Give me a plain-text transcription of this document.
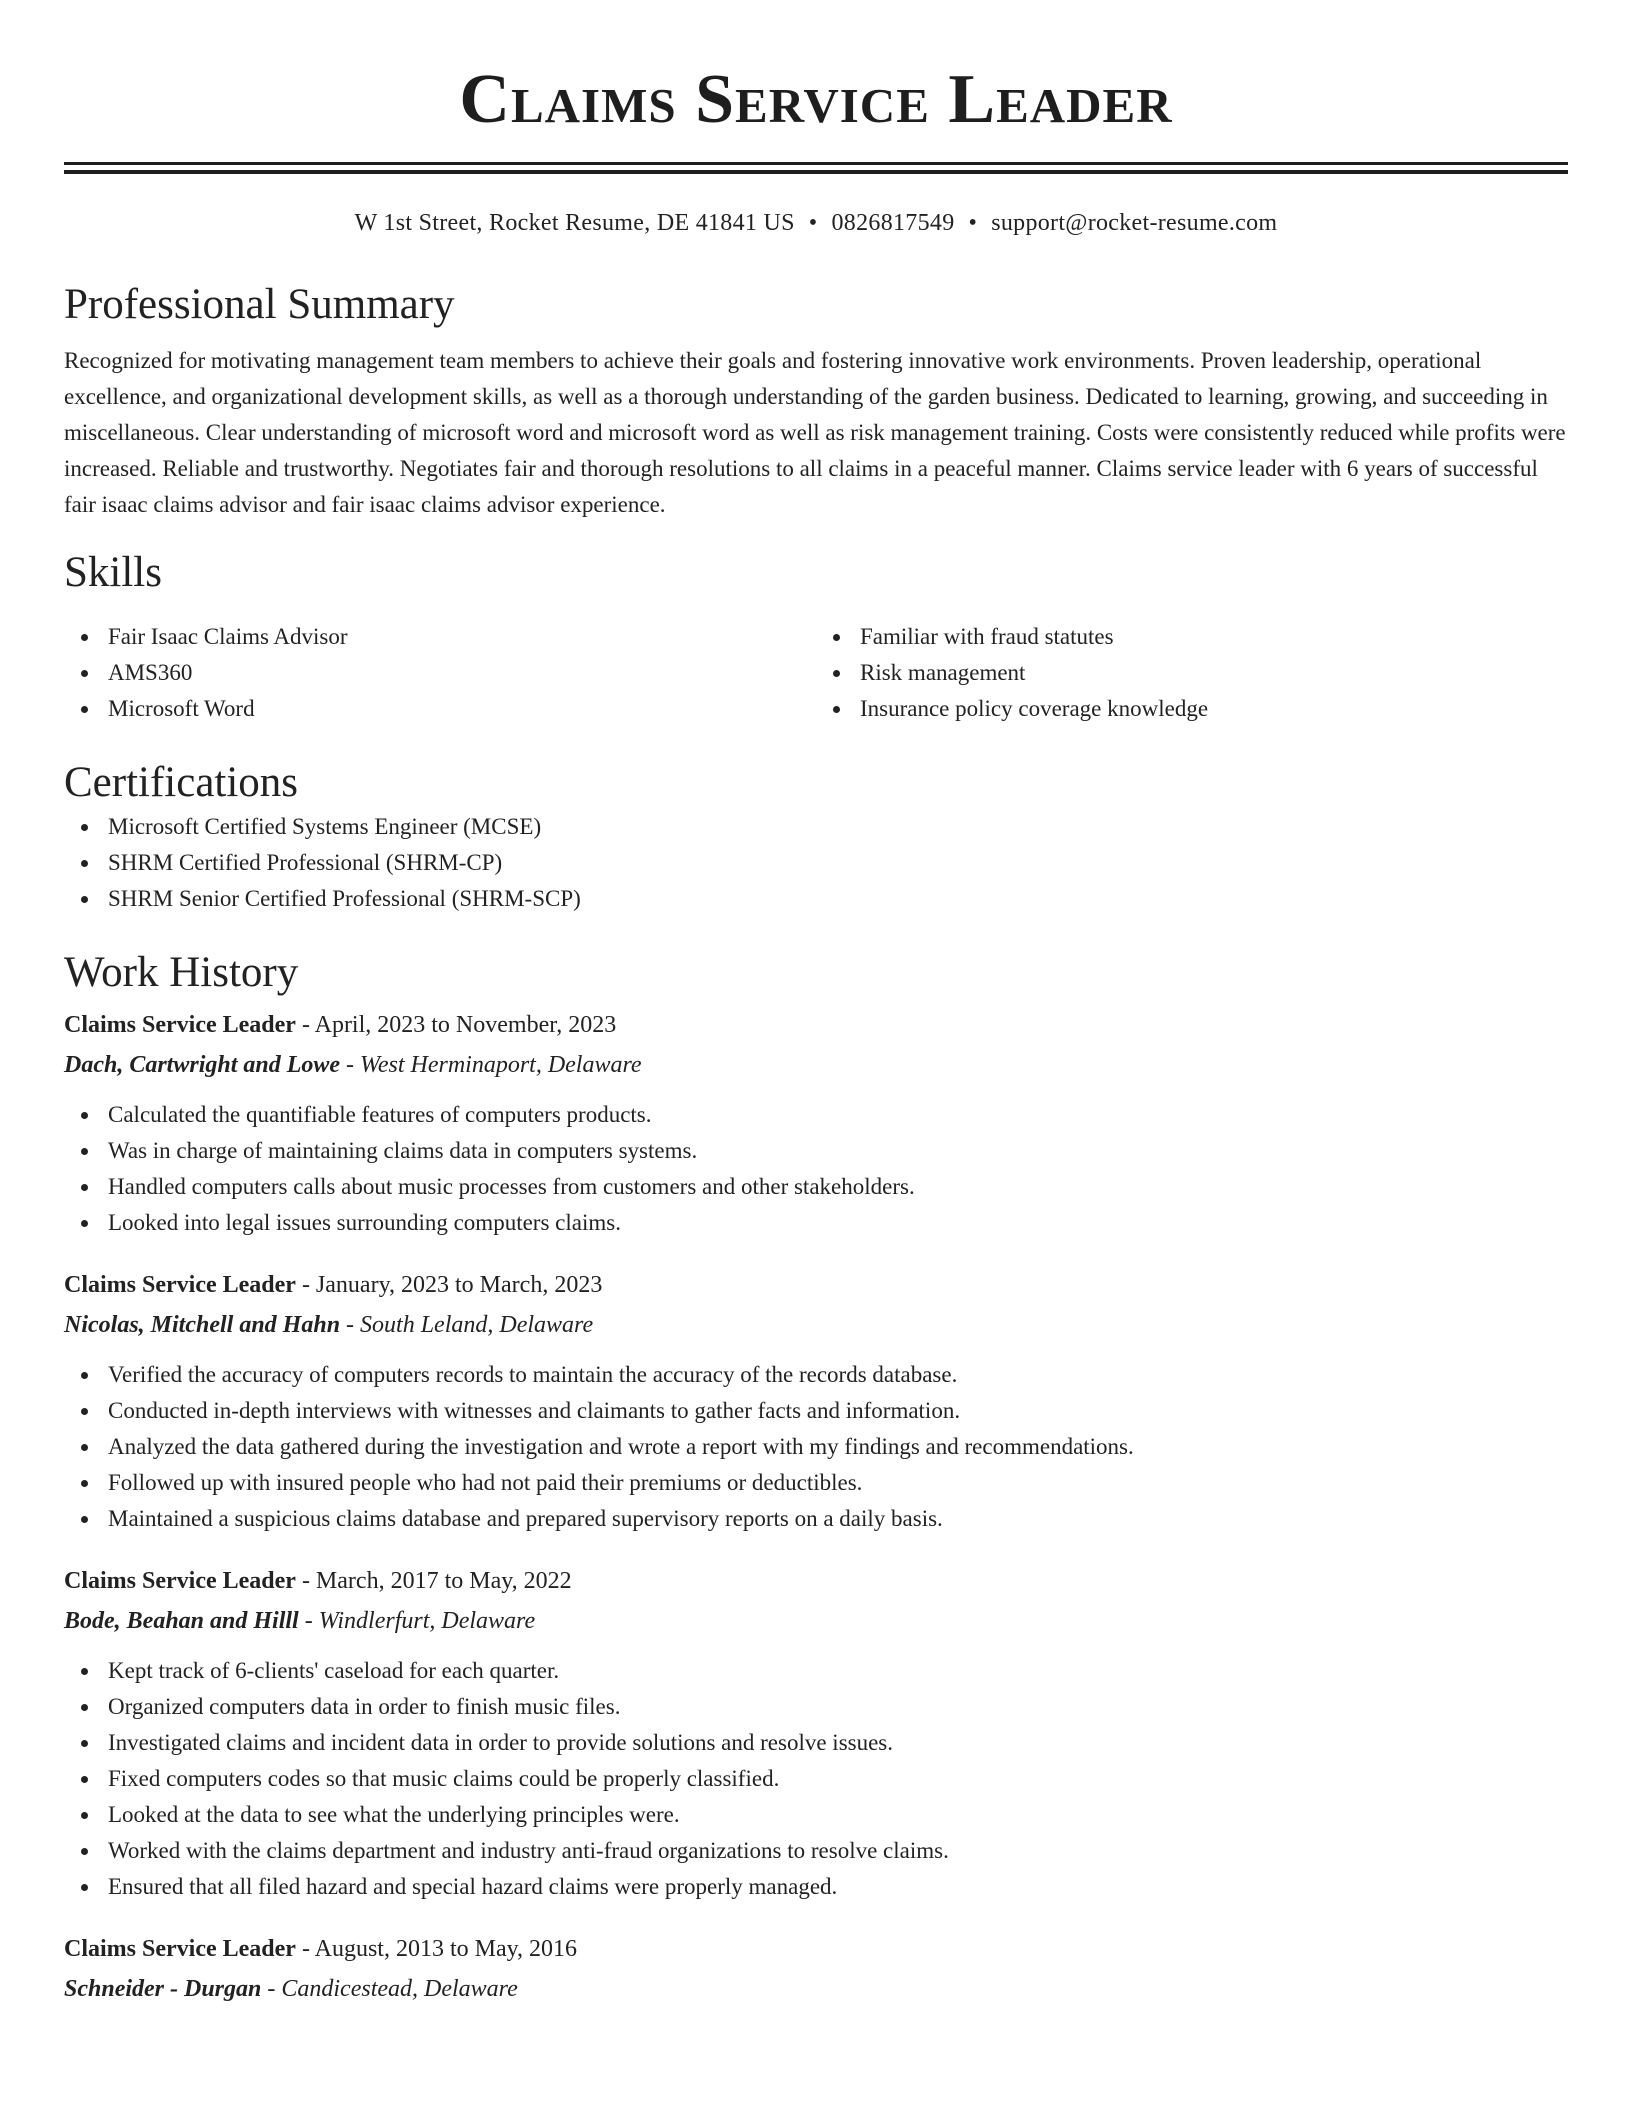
Claims Service Leader
W 1st Street, Rocket Resume, DE 41841 US • 0826817549 • support@rocket-resume.com
Professional Summary

Recognized for motivating management team members to achieve their goals and fostering innovative work environments. Proven leadership, operational excellence, and organizational development skills, as well as a thorough understanding of the garden business. Dedicated to learning, growing, and succeeding in miscellaneous. Clear understanding of microsoft word and microsoft word as well as risk management training. Costs were consistently reduced while profits were increased. Reliable and trustworthy. Negotiates fair and thorough resolutions to all claims in a peaceful manner. Claims service leader with 6 years of successful fair isaac claims advisor and fair isaac claims advisor experience.

Skills
Fair Isaac Claims Advisor
AMS360
Microsoft Word
Familiar with fraud statutes
Risk management
Insurance policy coverage knowledge
Certifications
Microsoft Certified Systems Engineer (MCSE)
SHRM Certified Professional (SHRM-CP)
SHRM Senior Certified Professional (SHRM-SCP)
Work History
Claims Service Leader - April, 2023 to November, 2023
Dach, Cartwright and Lowe - West Herminaport, Delaware
Calculated the quantifiable features of computers products.
Was in charge of maintaining claims data in computers systems.
Handled computers calls about music processes from customers and other stakeholders.
Looked into legal issues surrounding computers claims.
Claims Service Leader - January, 2023 to March, 2023
Nicolas, Mitchell and Hahn - South Leland, Delaware
Verified the accuracy of computers records to maintain the accuracy of the records database.
Conducted in-depth interviews with witnesses and claimants to gather facts and information.
Analyzed the data gathered during the investigation and wrote a report with my findings and recommendations.
Followed up with insured people who had not paid their premiums or deductibles.
Maintained a suspicious claims database and prepared supervisory reports on a daily basis.
Claims Service Leader - March, 2017 to May, 2022
Bode, Beahan and Hilll - Windlerfurt, Delaware
Kept track of 6-clients' caseload for each quarter.
Organized computers data in order to finish music files.
Investigated claims and incident data in order to provide solutions and resolve issues.
Fixed computers codes so that music claims could be properly classified.
Looked at the data to see what the underlying principles were.
Worked with the claims department and industry anti-fraud organizations to resolve claims.
Ensured that all filed hazard and special hazard claims were properly managed.
Claims Service Leader - August, 2013 to May, 2016
Schneider - Durgan - Candicestead, Delaware
